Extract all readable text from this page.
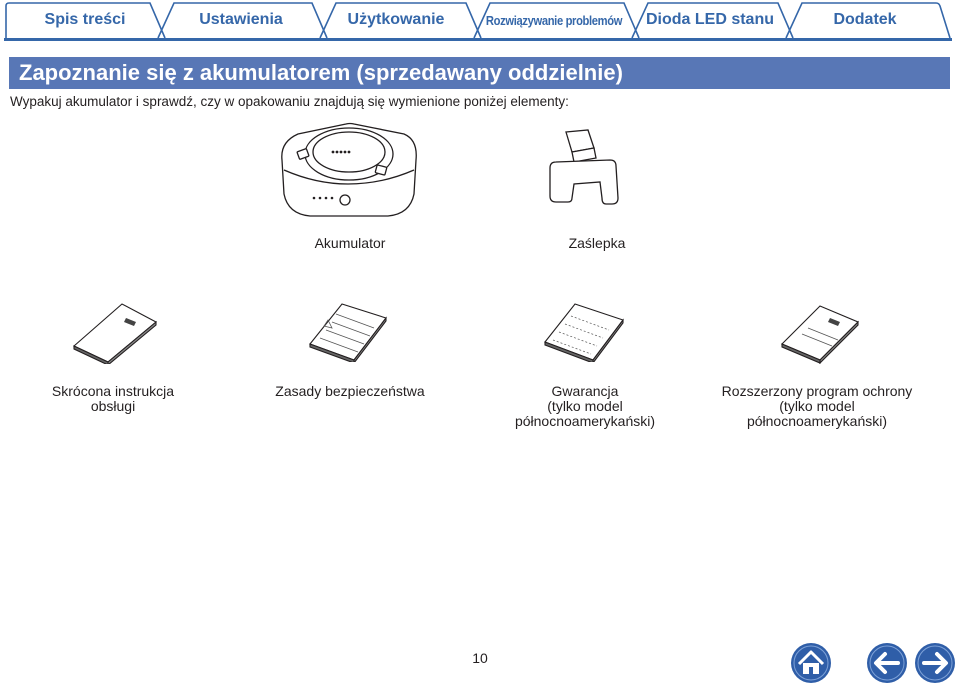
Spis treści	Ustawienia	Użytkowanie	Rozwiązywanie problemów	Dioda LED stanu	Dodatek
Zapoznanie się z akumulatorem (sprzedawany oddzielnie)
Wypakuj akumulator i sprawdź, czy w opakowaniu znajdują się wymienione poniżej elementy:
Akumulator	Zaślepka
Skrócona instrukcja
obsługi
Zasady bezpieczeństwa	Gwarancja
(tylko model
północnoamerykański)
Rozszerzony program ochrony
(tylko model
północnoamerykański)
10
